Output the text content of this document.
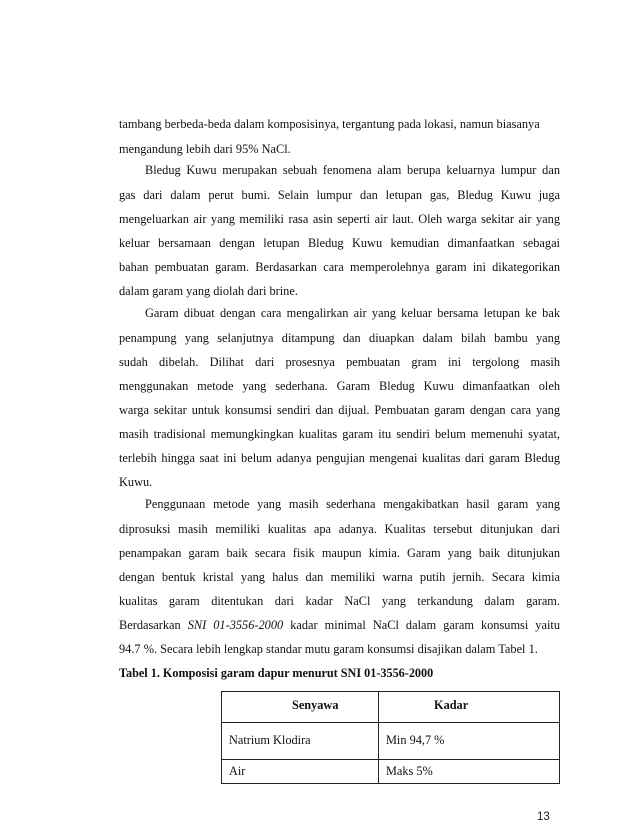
tambang berbeda-beda dalam komposisinya, tergantung pada lokasi, namun biasanya
mengandung lebih dari 95% NaCl.
Bledug Kuwu merupakan sebuah fenomena alam berupa keluarnya lumpur dan
gas dari dalam perut bumi. Selain lumpur dan letupan gas, Bledug Kuwu juga
mengeluarkan air yang memiliki rasa asin seperti air laut. Oleh warga sekitar air yang
keluar bersamaan dengan letupan Bledug Kuwu kemudian dimanfaatkan sebagai
bahan pembuatan garam. Berdasarkan cara memperolehnya garam ini dikategorikan
dalam garam yang diolah dari brine.
Garam dibuat dengan cara mengalirkan air yang keluar bersama letupan ke bak
penampung yang selanjutnya ditampung dan diuapkan dalam bilah bambu yang
sudah dibelah. Dilihat dari prosesnya pembuatan gram ini tergolong masih
menggunakan metode yang sederhana. Garam Bledug Kuwu dimanfaatkan oleh
warga sekitar untuk konsumsi sendiri dan dijual. Pembuatan garam dengan cara yang
masih tradisional memungkingkan kualitas garam itu sendiri belum memenuhi syatat,
terlebih hingga saat ini belum adanya pengujian mengenai kualitas dari garam Bledug
Kuwu.
Penggunaan metode yang masih sederhana mengakibatkan hasil garam yang
diprosuksi masih memiliki kualitas apa adanya. Kualitas tersebut ditunjukan dari
penampakan garam baik secara fisik maupun kimia. Garam yang baik ditunjukan
dengan bentuk kristal yang halus dan memiliki warna putih jernih. Secara kimia
kualitas garam ditentukan dari kadar NaCl yang terkandung dalam garam.
Berdasarkan SNI 01-3556-2000 kadar minimal NaCl dalam garam konsumsi yaitu
94.7 %. Secara lebih lengkap standar mutu garam konsumsi disajikan dalam Tabel 1.
Tabel 1. Komposisi garam dapur menurut SNI 01-3556-2000
Senyawa	Kadar
Natrium Klodira	Min 94,7 %
Air	Maks 5%
13
